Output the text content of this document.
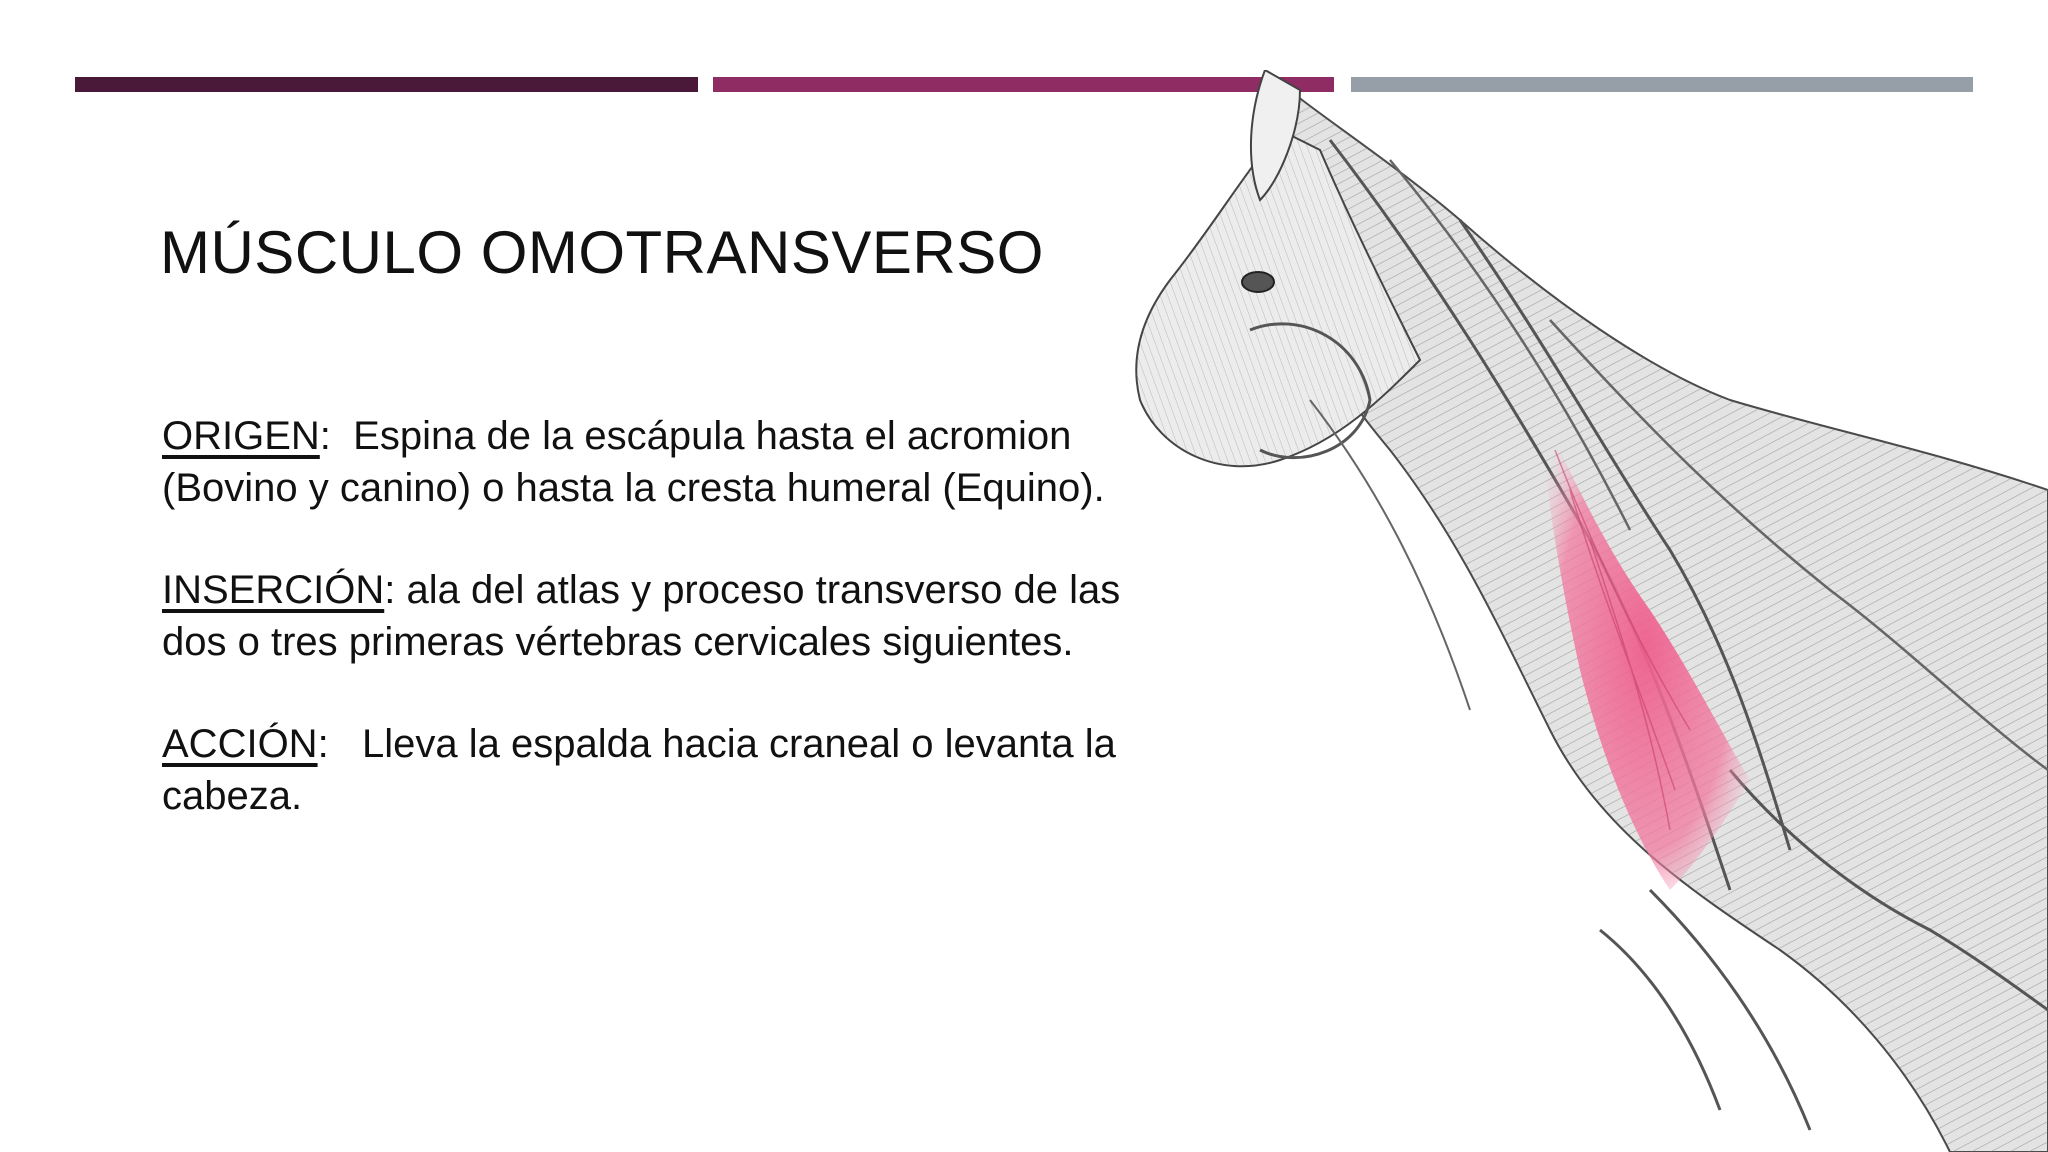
MÚSCULO OMOTRANSVERSO

ORIGEN:  Espina de la escápula hasta el acromion (Bovino y canino) o hasta la cresta humeral (Equino).

INSERCIÓN: ala del atlas y proceso transverso de las dos o tres primeras vértebras cervicales siguientes.

ACCIÓN:   Lleva la espalda hacia craneal o levanta la cabeza.
